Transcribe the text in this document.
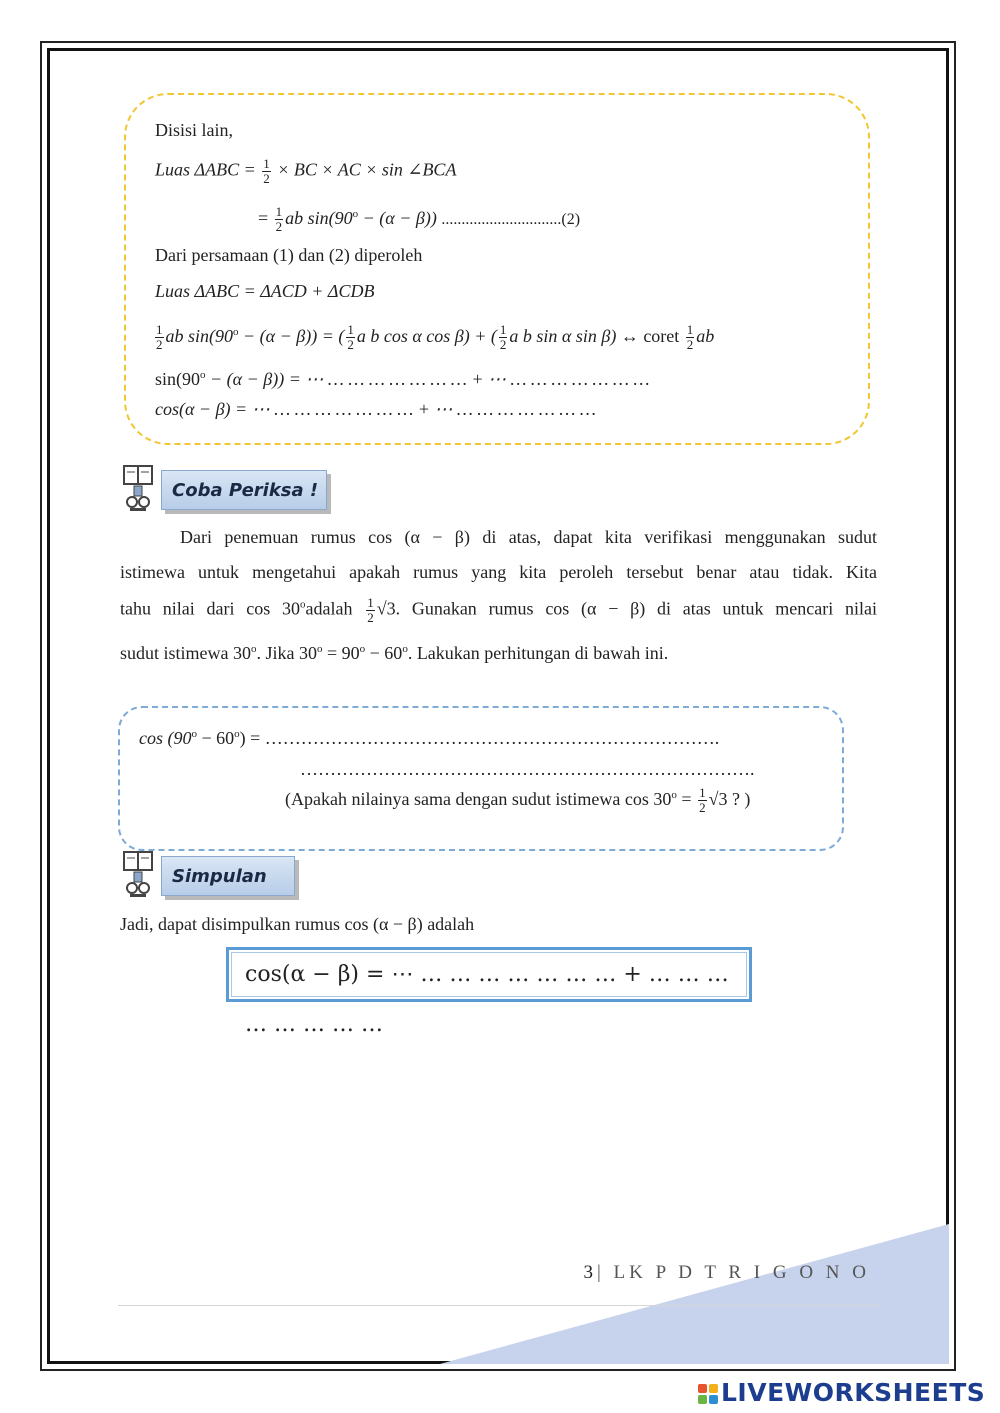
Disisi lain,
Luas $\Delta ABC = \frac{1}{2}$ × BC × AC × sin ∠BCA
= $\frac{1}{2}$ ab $\sin(90^o - (\alpha - \beta))$ ..............................(2)
Dari persamaan (1) dan (2) diperoleh
Luas ΔABC = ΔACD + ΔCDB
$\frac{1}{2}$ ab $\sin(90^o - (\alpha - \beta))$ = ( $\frac{1}{2}$ a b cos α cos β) + ( $\frac{1}{2}$ a b sin α sin β) ↔ coret $\frac{1}{2}$ ab
$\sin(90^o - (\alpha - \beta))$ = ⋯ … … … … … … … + ⋯ … … … … … … …
cos(α − β) = ⋯ … … … … … … … + ⋯ … … … … … … …
Coba Periksa !
Dari penemuan rumus cos (α − β) di atas, dapat kita verifikasi menggunakan sudut
istimewa untuk mengetahui apakah rumus yang kita peroleh tersebut benar atau tidak. Kita
tahu nilai dari cos 30$^o$adalah $\frac{1}{2} √3$. Gunakan rumus cos (α − β) di atas untuk mencari nilai
sudut istimewa 30$^o$. Jika $30^o = 90^o - 60^o$. Lakukan perhitungan di bawah ini.
$\cos (90^o - 60^o)$ = ………………………………………………………………….
………………………………………………………………….
(Apakah nilainya sama dengan sudut istimewa $\cos 30^o = \frac{1}{2} √3$ ? )
Simpulan
Jadi, dapat disimpulkan rumus cos (α − β) adalah
cos(α − β) = ⋯ … … … … … … … + … … … … … … … …
3 | LK P D T R I G O N O
LIVEWORKSHEETS
